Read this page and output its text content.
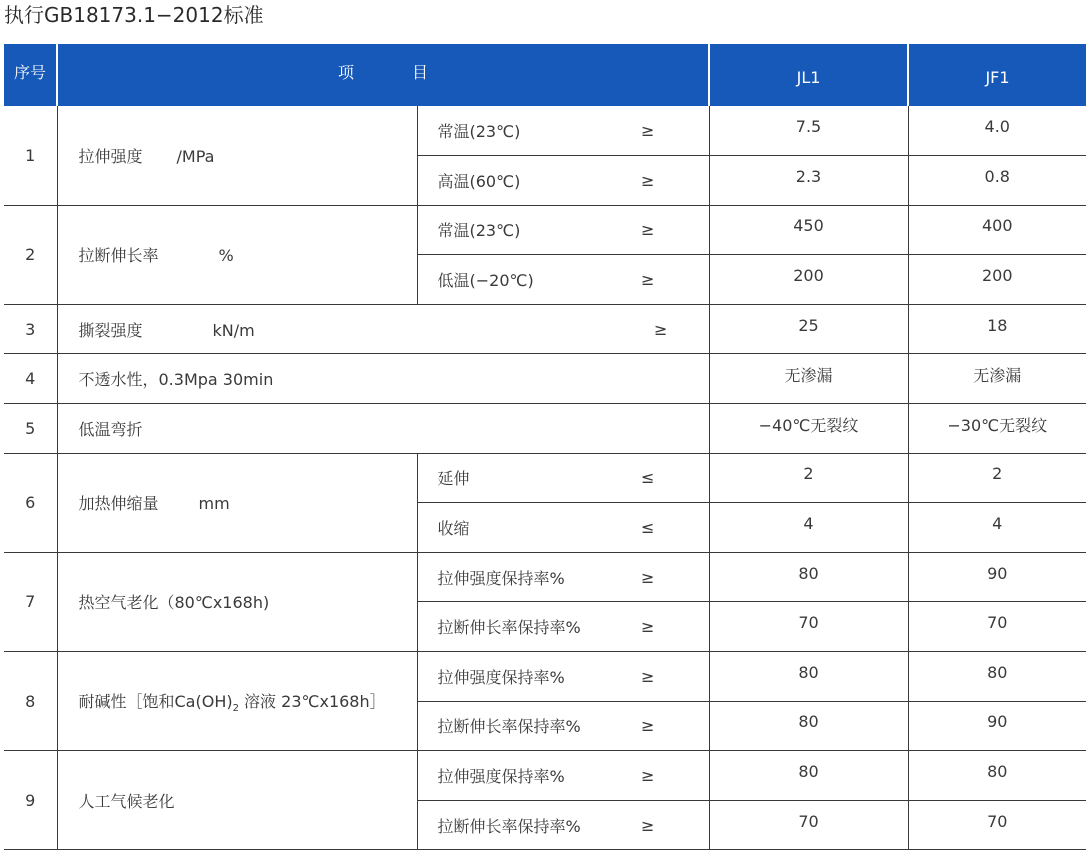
执行GB18173.1−2012标准
序号	项 目			JL1	JF1
1	拉伸强度 /MPa	常温(23℃)	≥	7.5	4.0
		高温(60℃)	≥	2.3	0.8
2	拉断伸长率 %	常温(23℃)	≥	450	400
		低温(−20℃)	≥	200	200
3	撕裂强度 kN/m		≥	25	18
4	不透水性，0.3Mpa 30min			无渗漏	无渗漏
5	低温弯折			−40℃无裂纹	−30℃无裂纹
6	加热伸缩量 mm	延伸	≤	2	2
		收缩	≤	4	4
7	热空气老化（80℃x168h)	拉伸强度保持率%	≥	80	90
		拉断伸长率保持率%	≥	70	70
8	耐碱性［饱和$Ca(OH)_2$ 溶液 23℃x168h］	拉伸强度保持率%	≥	80	80
		拉断伸长率保持率%	≥	80	90
9	人工气候老化	拉伸强度保持率%	≥	80	80
		拉断伸长率保持率%	≥	70	70
